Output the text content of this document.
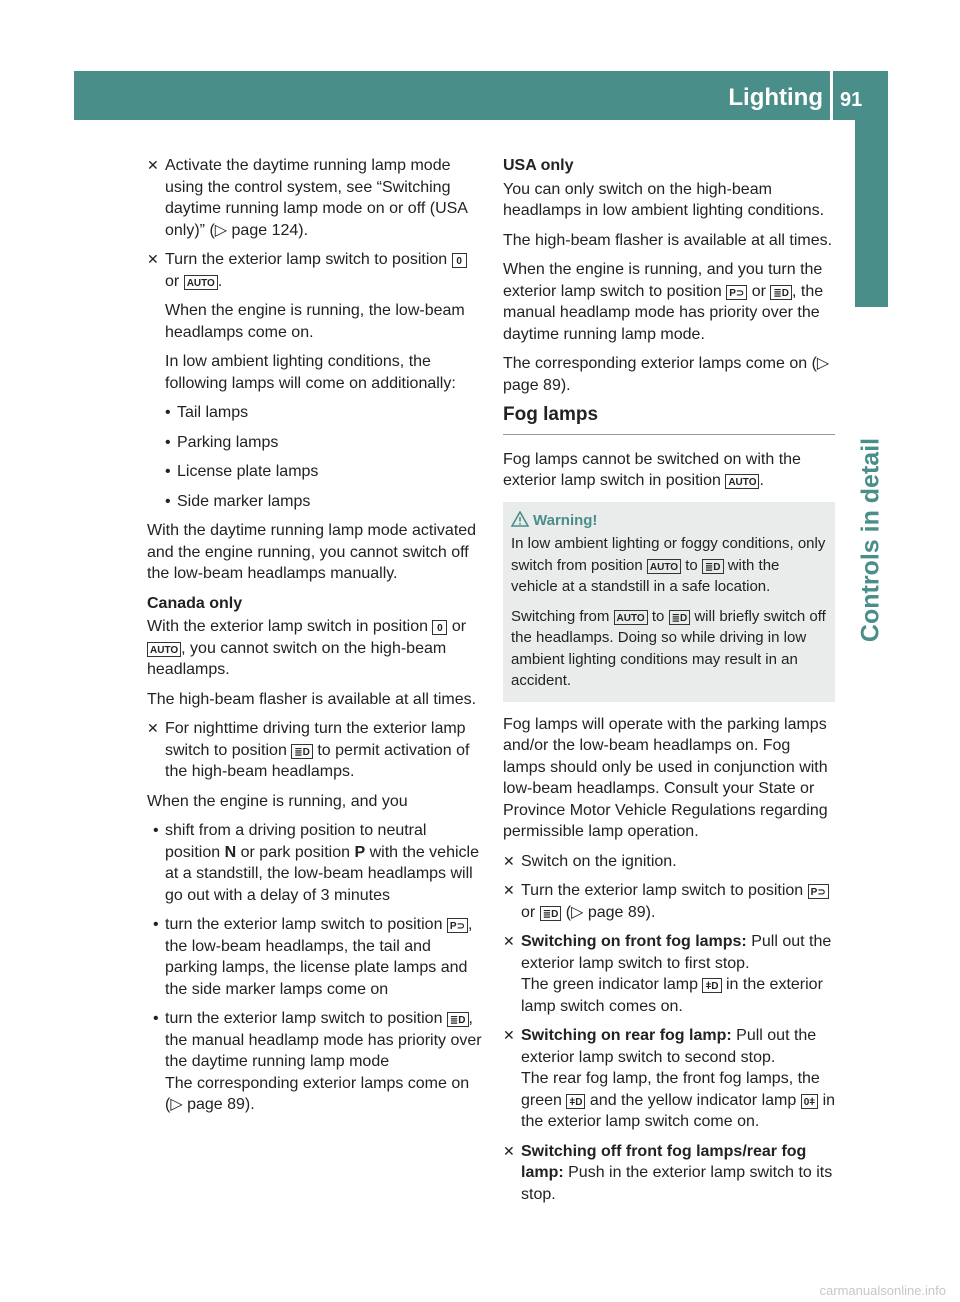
Lighting 91
Controls in detail
✕ Activate the daytime running lamp mode using the control system, see “Switching daytime running lamp mode on or off (USA only)” (▷ page 124).
✕ Turn the exterior lamp switch to position 0 or AUTO .

When the engine is running, the low-beam headlamps come on.

In low ambient lighting conditions, the following lamps will come on additionally:

• Tail lamps
• Parking lamps
• License plate lamps
• Side marker lamps

With the daytime running lamp mode activated and the engine running, you cannot switch off the low-beam headlamps manually.

Canada only

With the exterior lamp switch in position 0 or AUTO , you cannot switch on the high-beam headlamps.

The high-beam flasher is available at all times.

✕ For nighttime driving turn the exterior lamp switch to position ≣D to permit activation of the high-beam headlamps.

When the engine is running, and you

• shift from a driving position to neutral position N or park position P with the vehicle at a standstill, the low-beam headlamps will go out with a delay of 3 minutes
• turn the exterior lamp switch to position P⊃ , the low-beam headlamps, the tail and parking lamps, the license plate lamps and the side marker lamps come on
• turn the exterior lamp switch to position ≣D , the manual headlamp mode has priority over the daytime running lamp mode
The corresponding exterior lamps come on (▷ page 89).
USA only

You can only switch on the high-beam headlamps in low ambient lighting conditions.

The high-beam flasher is available at all times.

When the engine is running, and you turn the exterior lamp switch to position P⊃ or ≣D , the manual headlamp mode has priority over the daytime running lamp mode.

The corresponding exterior lamps come on (▷ page 89).

Fog lamps

Fog lamps cannot be switched on with the exterior lamp switch in position AUTO .

Warning!

In low ambient lighting or foggy conditions, only switch from position AUTO to ≣D with the vehicle at a standstill in a safe location.

Switching from AUTO to ≣D will briefly switch off the headlamps. Doing so while driving in low ambient lighting conditions may result in an accident.

Fog lamps will operate with the parking lamps and/or the low-beam headlamps on. Fog lamps should only be used in conjunction with low-beam headlamps. Consult your State or Province Motor Vehicle Regulations regarding permissible lamp operation.

✕ Switch on the ignition.
✕ Turn the exterior lamp switch to position P⊃ or ≣D (▷ page 89).
✕ Switching on front fog lamps: Pull out the exterior lamp switch to first stop.
The green indicator lamp ǂD in the exterior lamp switch comes on.
✕ Switching on rear fog lamp: Pull out the exterior lamp switch to second stop.
The rear fog lamp, the front fog lamps, the green ǂD and the yellow indicator lamp 0ǂ in the exterior lamp switch come on.
✕ Switching off front fog lamps/rear fog lamp: Push in the exterior lamp switch to its stop.
carmanualsonline.info
